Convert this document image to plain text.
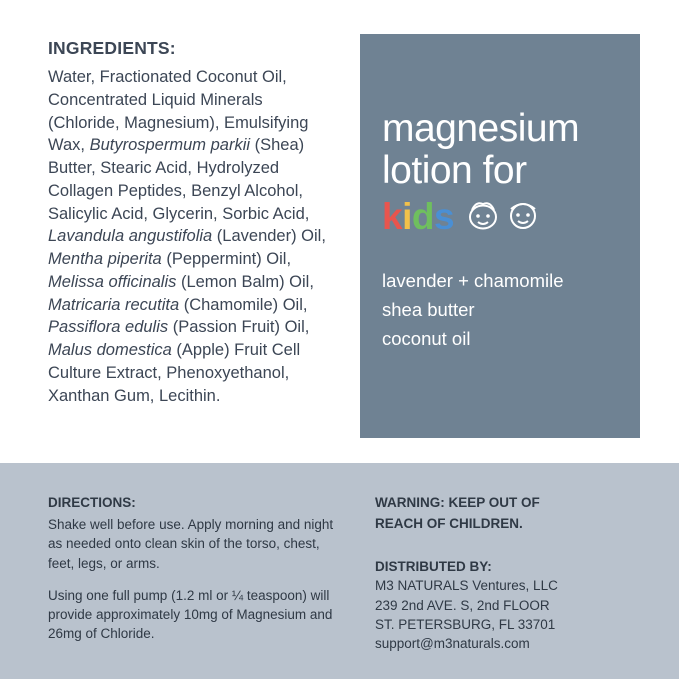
INGREDIENTS:
Water, Fractionated Coconut Oil, Concentrated Liquid Minerals (Chloride, Magnesium), Emulsifying Wax, Butyrospermum parkii (Shea) Butter, Stearic Acid, Hydrolyzed Collagen Peptides, Benzyl Alcohol, Salicylic Acid, Glycerin, Sorbic Acid, Lavandula angustifolia (Lavender) Oil, Mentha piperita (Peppermint) Oil, Melissa officinalis (Lemon Balm) Oil, Matricaria recutita (Chamomile) Oil, Passiflora edulis (Passion Fruit) Oil, Malus domestica (Apple) Fruit Cell Culture Extract, Phenoxyethanol, Xanthan Gum, Lecithin.
magnesium
lotion for
k i d s
lavender + chamomile
shea butter
coconut oil
DIRECTIONS:
Shake well before use. Apply morning and night as needed onto clean skin of the torso, chest, feet, legs, or arms.
Using one full pump (1.2 ml or ¼ teaspoon) will provide approximately 10mg of Magnesium and 26mg of Chloride.
WARNING: KEEP OUT OF
REACH OF CHILDREN.
DISTRIBUTED BY:
M3 NATURALS Ventures, LLC
239 2nd AVE. S, 2nd FLOOR
ST. PETERSBURG, FL 33701
support@m3naturals.com
